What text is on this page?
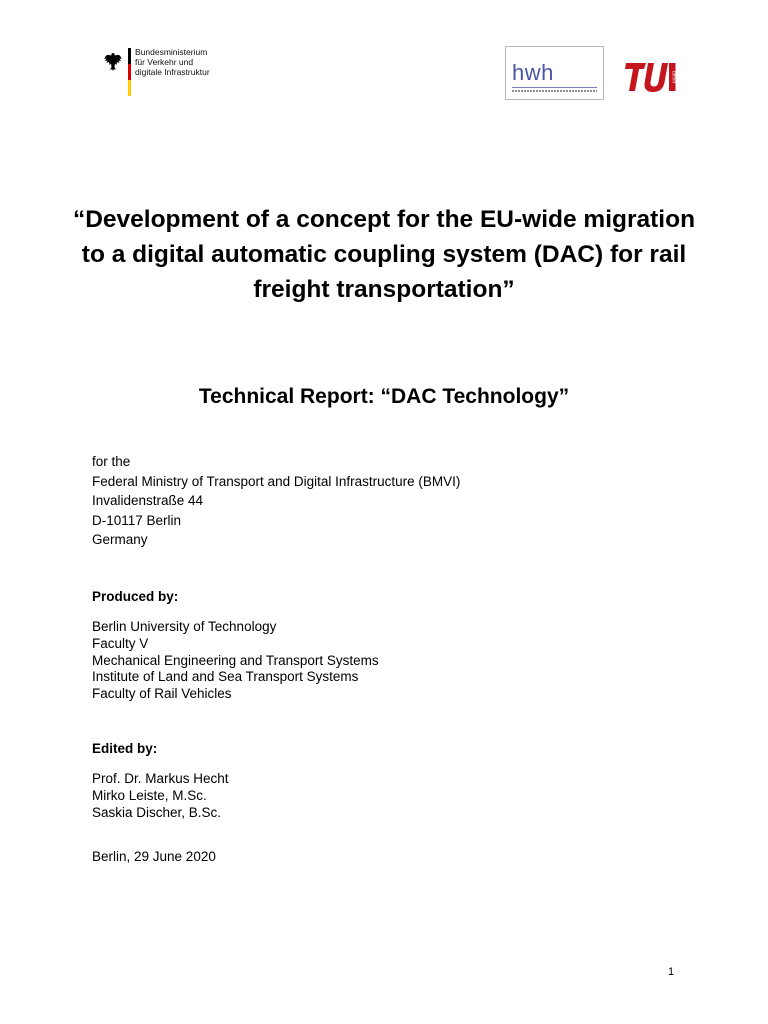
Bundesministerium
für Verkehr und
digitale Infrastruktur	hwh	berlin
“Development of a concept for the EU-wide migration to a digital automatic coupling system (DAC) for rail freight transportation”
Technical Report: “DAC Technology”
for the
Federal Ministry of Transport and Digital Infrastructure (BMVI)
Invalidenstraße 44
D-10117 Berlin
Germany
Produced by:
Berlin University of Technology
Faculty V
Mechanical Engineering and Transport Systems
Institute of Land and Sea Transport Systems
Faculty of Rail Vehicles
Edited by:
Prof. Dr. Markus Hecht
Mirko Leiste, M.Sc.
Saskia Discher, B.Sc.
Berlin, 29 June 2020
1
